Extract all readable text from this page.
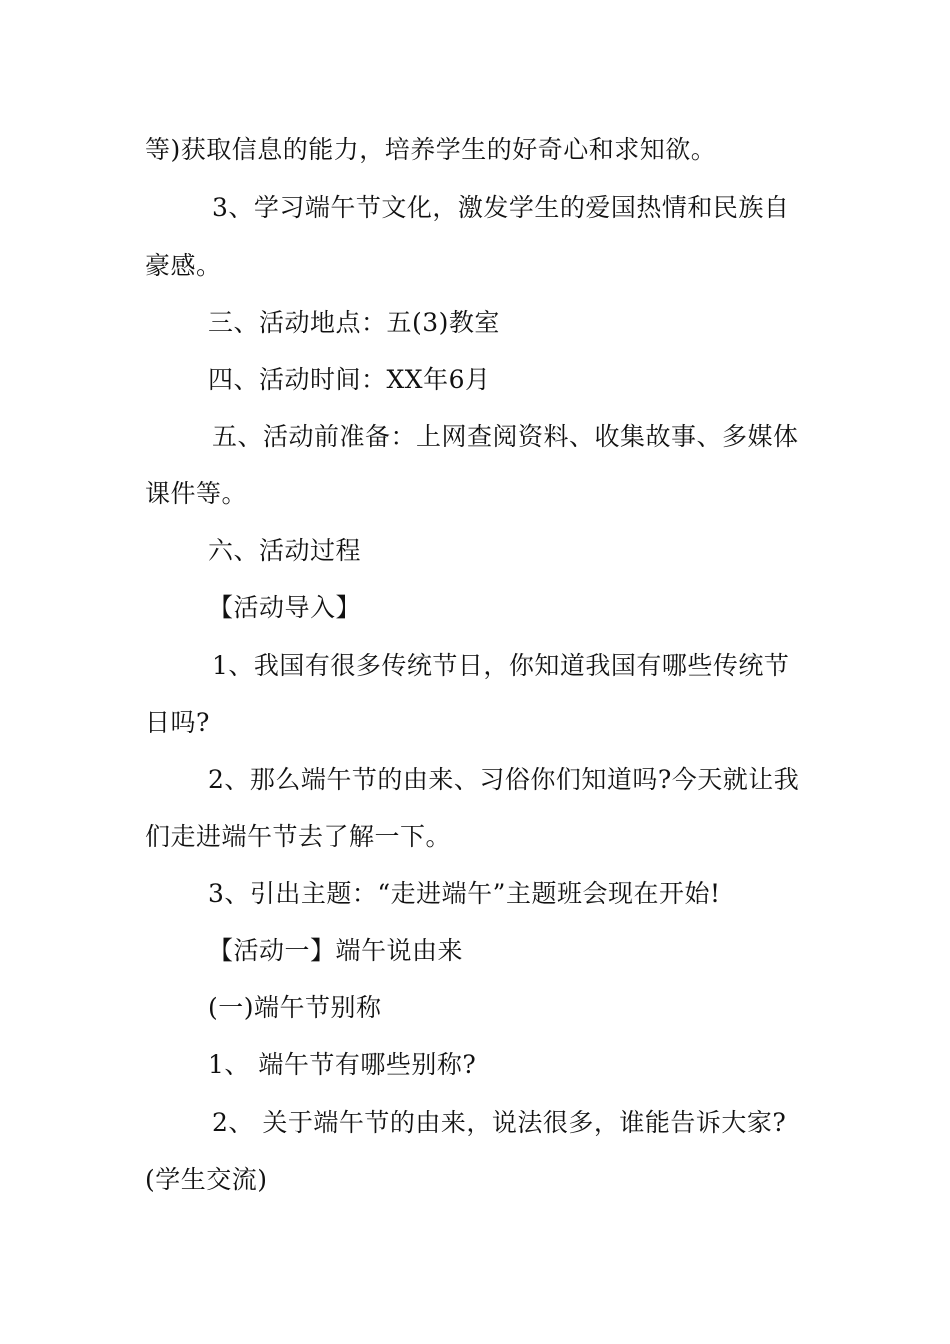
等)获取信息的能力，培养学生的好奇心和求知欲。
3、学习端午节文化，激发学生的爱国热情和民族自
豪感。
三、活动地点：五(3)教室
四、活动时间：XX年6月
五、活动前准备：上网查阅资料、收集故事、多媒体
课件等。
六、活动过程
【活动导入】
1、我国有很多传统节日，你知道我国有哪些传统节
日吗?
2、那么端午节的由来、习俗你们知道吗?今天就让我
们走进端午节去了解一下。
3、引出主题：“走进端午”主题班会现在开始!
【活动一】端午说由来
(一)端午节别称
1、 端午节有哪些别称?
2、 关于端午节的由来，说法很多，谁能告诉大家?
(学生交流)
